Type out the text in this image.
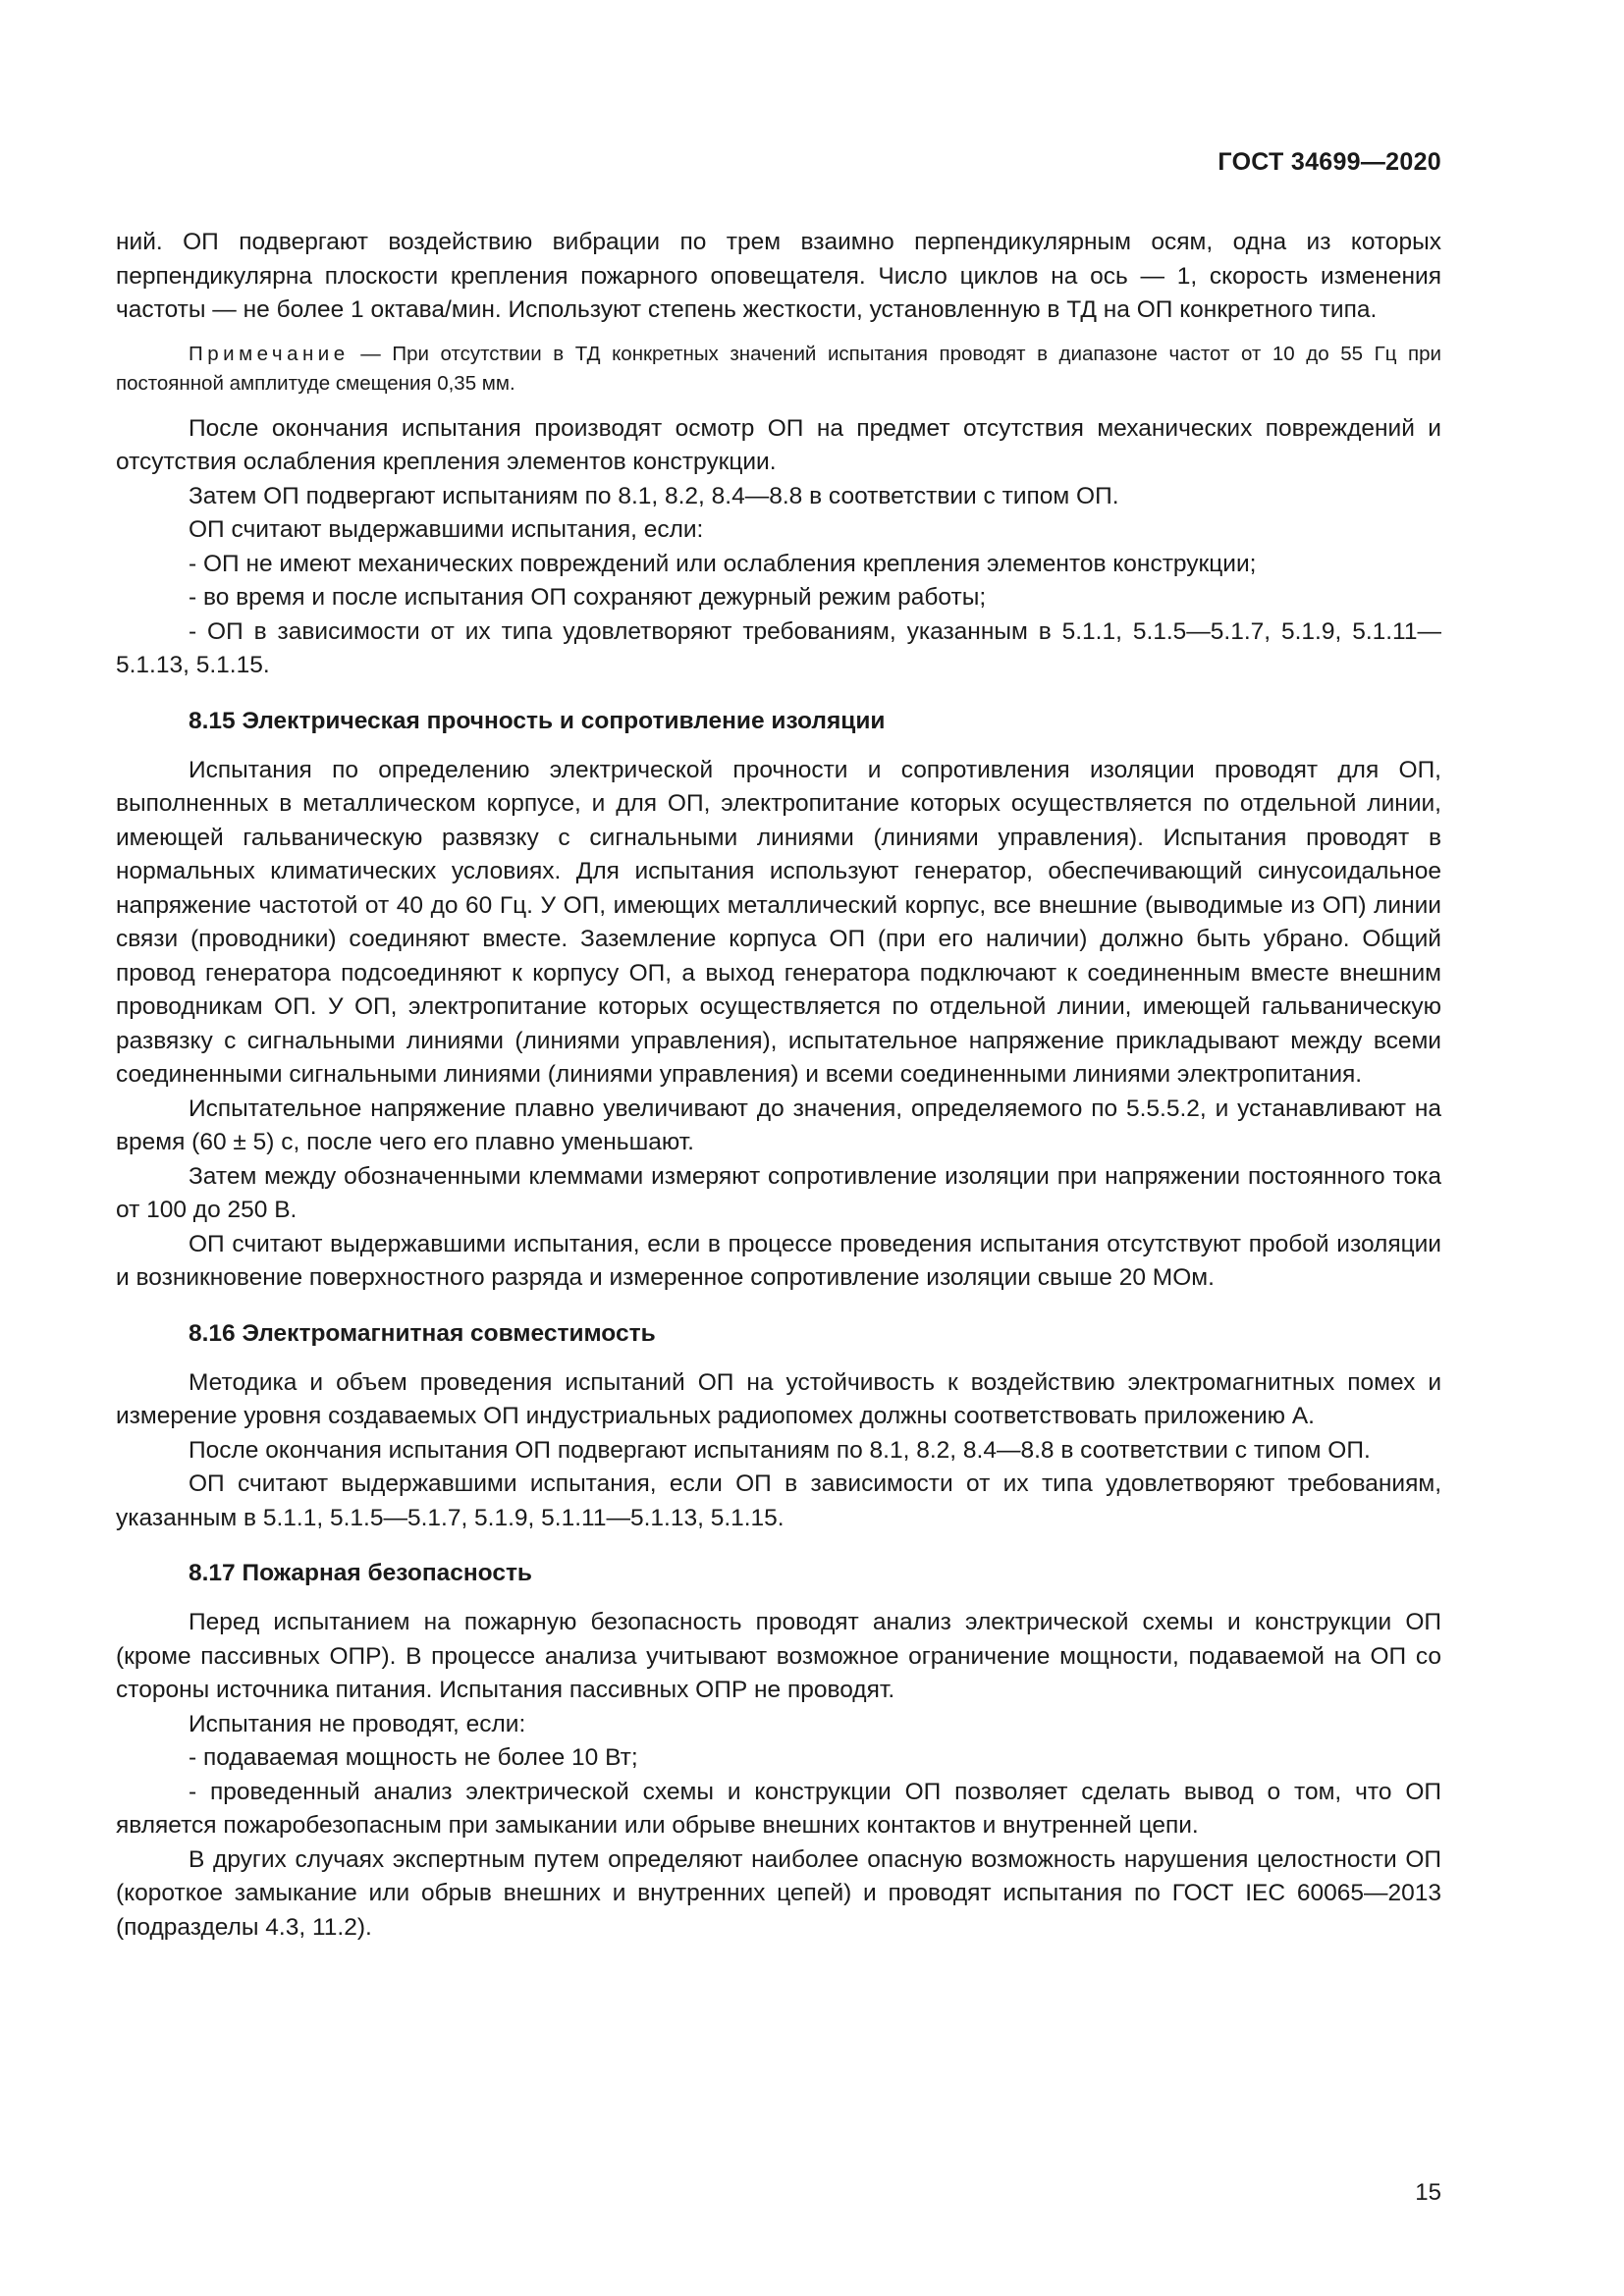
ГОСТ 34699—2020

ний. ОП подвергают воздействию вибрации по трем взаимно перпендикулярным осям, одна из которых перпендикулярна плоскости крепления пожарного оповещателя. Число циклов на ось — 1, скорость изменения частоты — не более 1 октава/мин. Используют степень жесткости, установленную в ТД на ОП конкретного типа.

Примечание — При отсутствии в ТД конкретных значений испытания проводят в диапазоне частот от 10 до 55 Гц при постоянной амплитуде смещения 0,35 мм.

После окончания испытания производят осмотр ОП на предмет отсутствия механических повреждений и отсутствия ослабления крепления элементов конструкции.

Затем ОП подвергают испытаниям по 8.1, 8.2, 8.4—8.8 в соответствии с типом ОП.

ОП считают выдержавшими испытания, если:

- ОП не имеют механических повреждений или ослабления крепления элементов конструкции;

- во время и после испытания ОП сохраняют дежурный режим работы;

- ОП в зависимости от их типа удовлетворяют требованиям, указанным в 5.1.1, 5.1.5—5.1.7, 5.1.9, 5.1.11—5.1.13, 5.1.15.

8.15 Электрическая прочность и сопротивление изоляции

Испытания по определению электрической прочности и сопротивления изоляции проводят для ОП, выполненных в металлическом корпусе, и для ОП, электропитание которых осуществляется по отдельной линии, имеющей гальваническую развязку с сигнальными линиями (линиями управления). Испытания проводят в нормальных климатических условиях. Для испытания используют генератор, обеспечивающий синусоидальное напряжение частотой от 40 до 60 Гц. У ОП, имеющих металлический корпус, все внешние (выводимые из ОП) линии связи (проводники) соединяют вместе. Заземление корпуса ОП (при его наличии) должно быть убрано. Общий провод генератора подсоединяют к корпусу ОП, а выход генератора подключают к соединенным вместе внешним проводникам ОП. У ОП, электропитание которых осуществляется по отдельной линии, имеющей гальваническую развязку с сигнальными линиями (линиями управления), испытательное напряжение прикладывают между всеми соединенными сигнальными линиями (линиями управления) и всеми соединенными линиями электропитания.

Испытательное напряжение плавно увеличивают до значения, определяемого по 5.5.5.2, и устанавливают на время (60 ± 5) с, после чего его плавно уменьшают.

Затем между обозначенными клеммами измеряют сопротивление изоляции при напряжении постоянного тока от 100 до 250 В.

ОП считают выдержавшими испытания, если в процессе проведения испытания отсутствуют пробой изоляции и возникновение поверхностного разряда и измеренное сопротивление изоляции свыше 20 МОм.

8.16 Электромагнитная совместимость

Методика и объем проведения испытаний ОП на устойчивость к воздействию электромагнитных помех и измерение уровня создаваемых ОП индустриальных радиопомех должны соответствовать приложению А.

После окончания испытания ОП подвергают испытаниям по 8.1, 8.2, 8.4—8.8 в соответствии с типом ОП.

ОП считают выдержавшими испытания, если ОП в зависимости от их типа удовлетворяют требованиям, указанным в 5.1.1, 5.1.5—5.1.7, 5.1.9, 5.1.11—5.1.13, 5.1.15.

8.17 Пожарная безопасность

Перед испытанием на пожарную безопасность проводят анализ электрической схемы и конструкции ОП (кроме пассивных ОПР). В процессе анализа учитывают возможное ограничение мощности, подаваемой на ОП со стороны источника питания. Испытания пассивных ОПР не проводят.

Испытания не проводят, если:

- подаваемая мощность не более 10 Вт;

- проведенный анализ электрической схемы и конструкции ОП позволяет сделать вывод о том, что ОП является пожаробезопасным при замыкании или обрыве внешних контактов и внутренней цепи.

В других случаях экспертным путем определяют наиболее опасную возможность нарушения целостности ОП (короткое замыкание или обрыв внешних и внутренних цепей) и проводят испытания по ГОСТ IEC 60065—2013 (подразделы 4.3, 11.2).

15
